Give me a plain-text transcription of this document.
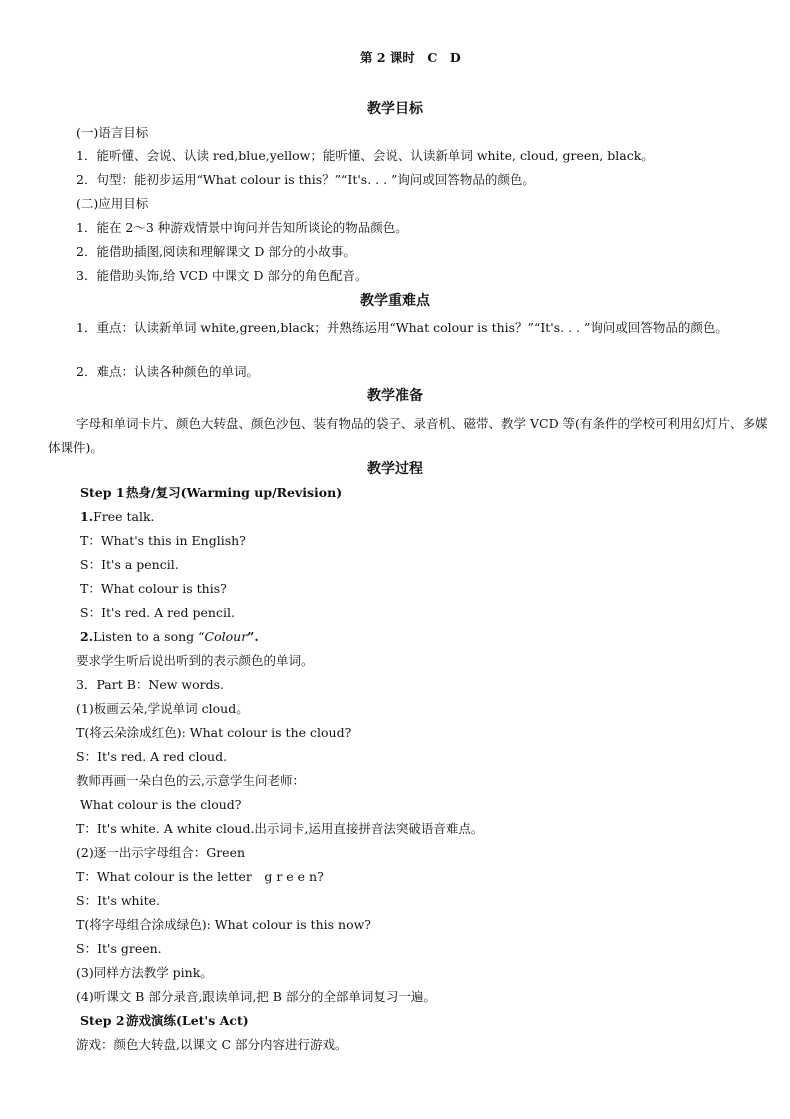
第 2 课时　C　D
教学目标
(一)语言目标
1．能听懂、会说、认读 red,blue,yellow；能听懂、会说、认读新单词 white, cloud, green, black。
2．句型：能初步运用“What colour is this？”“It's. . . ”询问或回答物品的颜色。
(二)应用目标
1．能在 2～3 种游戏情景中询问并告知所谈论的物品颜色。
2．能借助插图,阅读和理解课文 D 部分的小故事。
3．能借助头饰,给 VCD 中课文 D 部分的角色配音。
教学重难点
1．重点：认读新单词 white,green,black；并熟练运用“What colour is this？”“It's. . . ”询问或回答物品的颜色。
2．难点：认读各种颜色的单词。
教学准备
字母和单词卡片、颜色大转盘、颜色沙包、装有物品的袋子、录音机、磁带、教学 VCD 等(有条件的学校可利用幻灯片、多媒体课件)。
教学过程
Step 1热身/复习(Warming up/Revision)
1.Free talk.
T：What's this in English?
S：It's a pencil.
T：What colour is this?
S：It's red. A red pencil.
2.Listen to a song “Colour”.
要求学生听后说出听到的表示颜色的单词。
3．Part B：New words.
(1)板画云朵,学说单词 cloud。
T(将云朵涂成红色): What colour is the cloud?
S：It's red. A red cloud.
教师再画一朵白色的云,示意学生问老师：
What colour is the cloud?
T：It's white. A white cloud.出示词卡,运用直接拼音法突破语音难点。
(2)逐一出示字母组合：Green
T：What colour is the letter　g r e e n?
S：It's white.
T(将字母组合涂成绿色): What colour is this now?
S：It's green.
(3)同样方法教学 pink。
(4)听课文 B 部分录音,跟读单词,把 B 部分的全部单词复习一遍。
Step 2游戏演练(Let's Act)
游戏：颜色大转盘,以课文 C 部分内容进行游戏。
